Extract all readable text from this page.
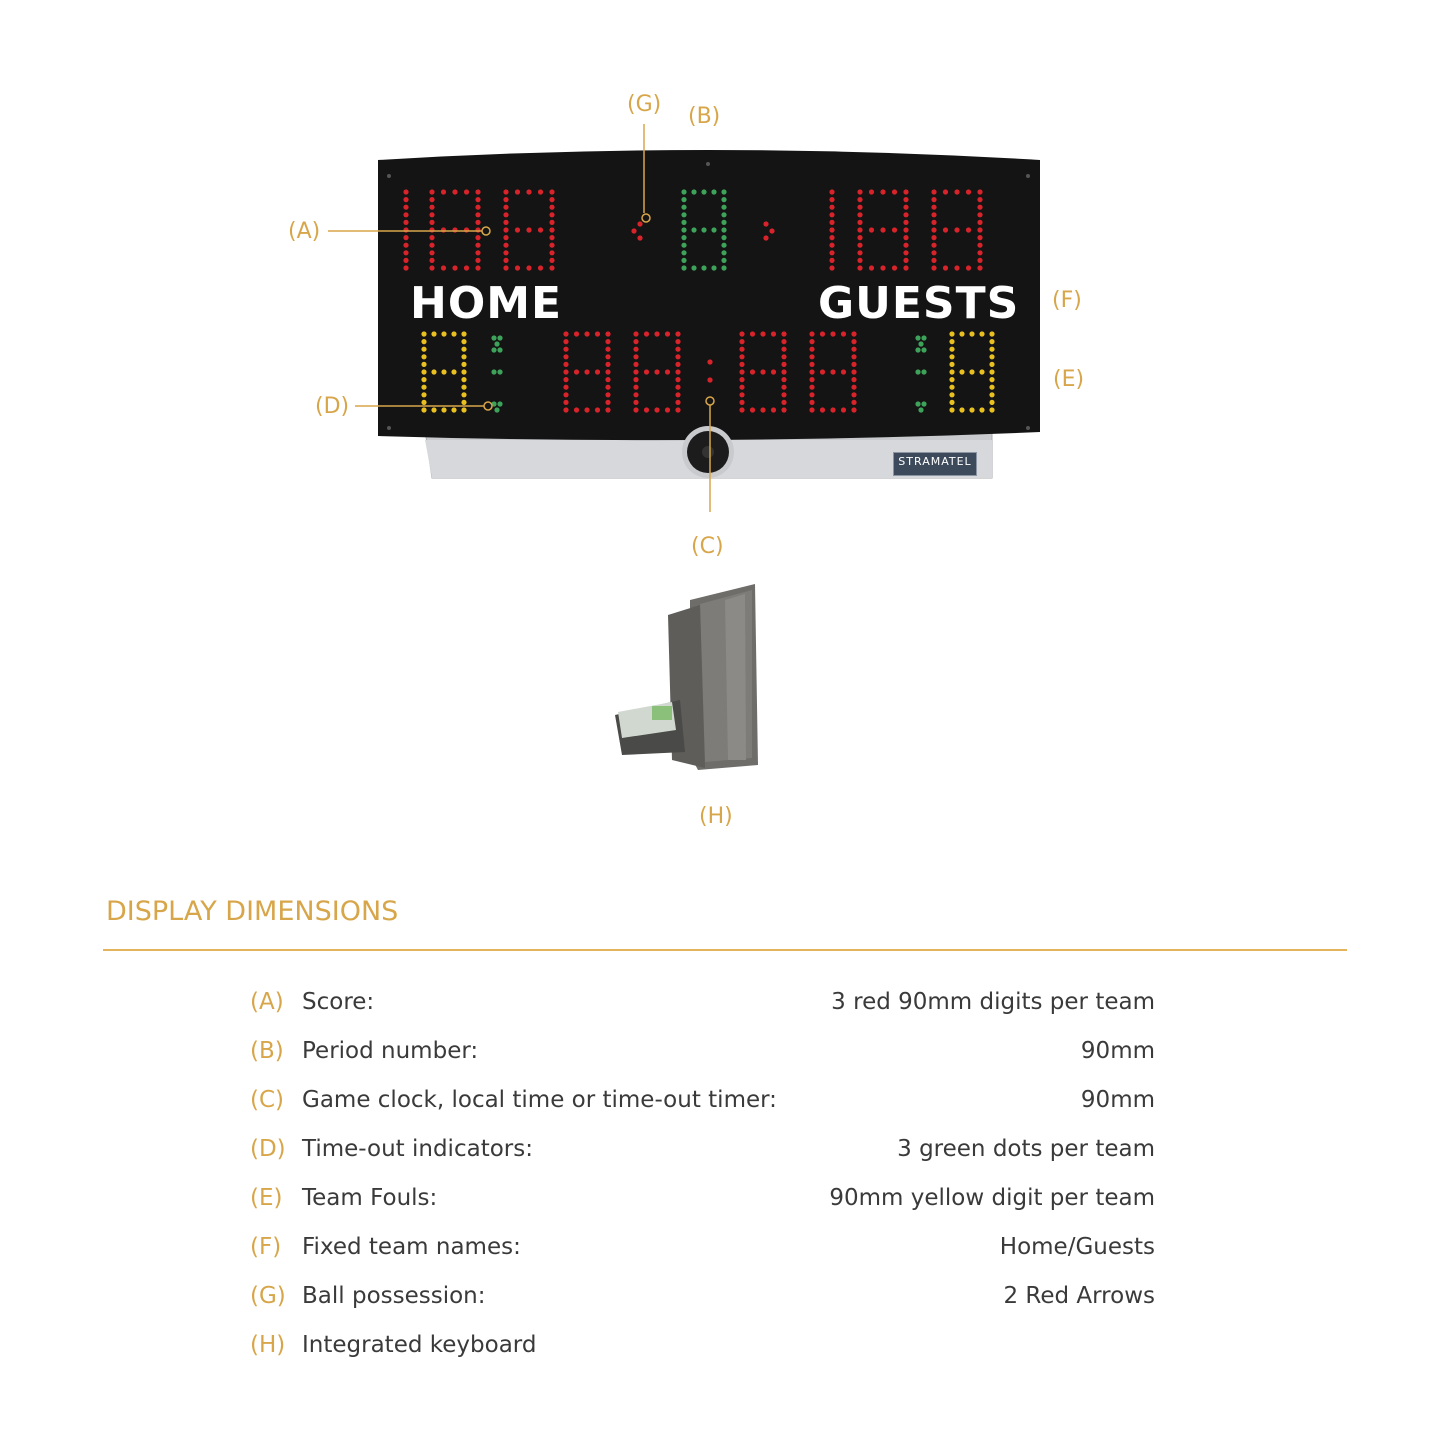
HOME	GUESTS
STRAMATEL
(G) (B)
(A)
(F)
(E)
(D)
(C)
(H)
DISPLAY DIMENSIONS
(A) Score:	3 red 90mm digits per team
(B) Period number:	90mm
(C) Game clock, local time or time-out timer:	90mm
(D) Time-out indicators:	3 green dots per team
(E) Team Fouls:	90mm yellow digit per team
(F) Fixed team names:	Home/Guests
(G) Ball possession:	2 Red Arrows
(H) Integrated keyboard
